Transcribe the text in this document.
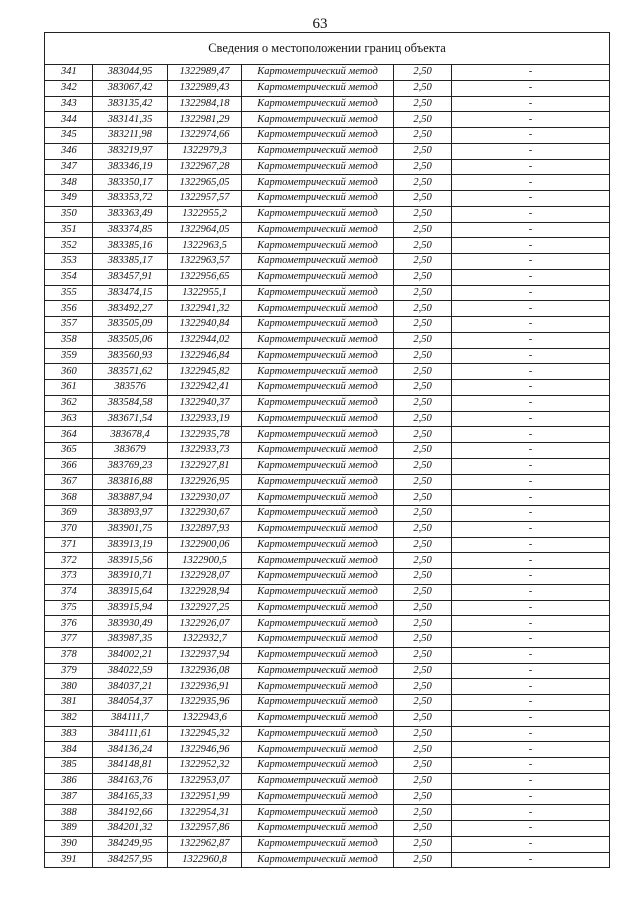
63
Сведения о местоположении границ объекта					
341	383044,95	1322989,47	Картометрический метод	2,50	-
342	383067,42	1322989,43	Картометрический метод	2,50	-
343	383135,42	1322984,18	Картометрический метод	2,50	-
344	383141,35	1322981,29	Картометрический метод	2,50	-
345	383211,98	1322974,66	Картометрический метод	2,50	-
346	383219,97	1322979,3	Картометрический метод	2,50	-
347	383346,19	1322967,28	Картометрический метод	2,50	-
348	383350,17	1322965,05	Картометрический метод	2,50	-
349	383353,72	1322957,57	Картометрический метод	2,50	-
350	383363,49	1322955,2	Картометрический метод	2,50	-
351	383374,85	1322964,05	Картометрический метод	2,50	-
352	383385,16	1322963,5	Картометрический метод	2,50	-
353	383385,17	1322963,57	Картометрический метод	2,50	-
354	383457,91	1322956,65	Картометрический метод	2,50	-
355	383474,15	1322955,1	Картометрический метод	2,50	-
356	383492,27	1322941,32	Картометрический метод	2,50	-
357	383505,09	1322940,84	Картометрический метод	2,50	-
358	383505,06	1322944,02	Картометрический метод	2,50	-
359	383560,93	1322946,84	Картометрический метод	2,50	-
360	383571,62	1322945,82	Картометрический метод	2,50	-
361	383576	1322942,41	Картометрический метод	2,50	-
362	383584,58	1322940,37	Картометрический метод	2,50	-
363	383671,54	1322933,19	Картометрический метод	2,50	-
364	383678,4	1322935,78	Картометрический метод	2,50	-
365	383679	1322933,73	Картометрический метод	2,50	-
366	383769,23	1322927,81	Картометрический метод	2,50	-
367	383816,88	1322926,95	Картометрический метод	2,50	-
368	383887,94	1322930,07	Картометрический метод	2,50	-
369	383893,97	1322930,67	Картометрический метод	2,50	-
370	383901,75	1322897,93	Картометрический метод	2,50	-
371	383913,19	1322900,06	Картометрический метод	2,50	-
372	383915,56	1322900,5	Картометрический метод	2,50	-
373	383910,71	1322928,07	Картометрический метод	2,50	-
374	383915,64	1322928,94	Картометрический метод	2,50	-
375	383915,94	1322927,25	Картометрический метод	2,50	-
376	383930,49	1322926,07	Картометрический метод	2,50	-
377	383987,35	1322932,7	Картометрический метод	2,50	-
378	384002,21	1322937,94	Картометрический метод	2,50	-
379	384022,59	1322936,08	Картометрический метод	2,50	-
380	384037,21	1322936,91	Картометрический метод	2,50	-
381	384054,37	1322935,96	Картометрический метод	2,50	-
382	384111,7	1322943,6	Картометрический метод	2,50	-
383	384111,61	1322945,32	Картометрический метод	2,50	-
384	384136,24	1322946,96	Картометрический метод	2,50	-
385	384148,81	1322952,32	Картометрический метод	2,50	-
386	384163,76	1322953,07	Картометрический метод	2,50	-
387	384165,33	1322951,99	Картометрический метод	2,50	-
388	384192,66	1322954,31	Картометрический метод	2,50	-
389	384201,32	1322957,86	Картометрический метод	2,50	-
390	384249,95	1322962,87	Картометрический метод	2,50	-
391	384257,95	1322960,8	Картометрический метод	2,50	-
